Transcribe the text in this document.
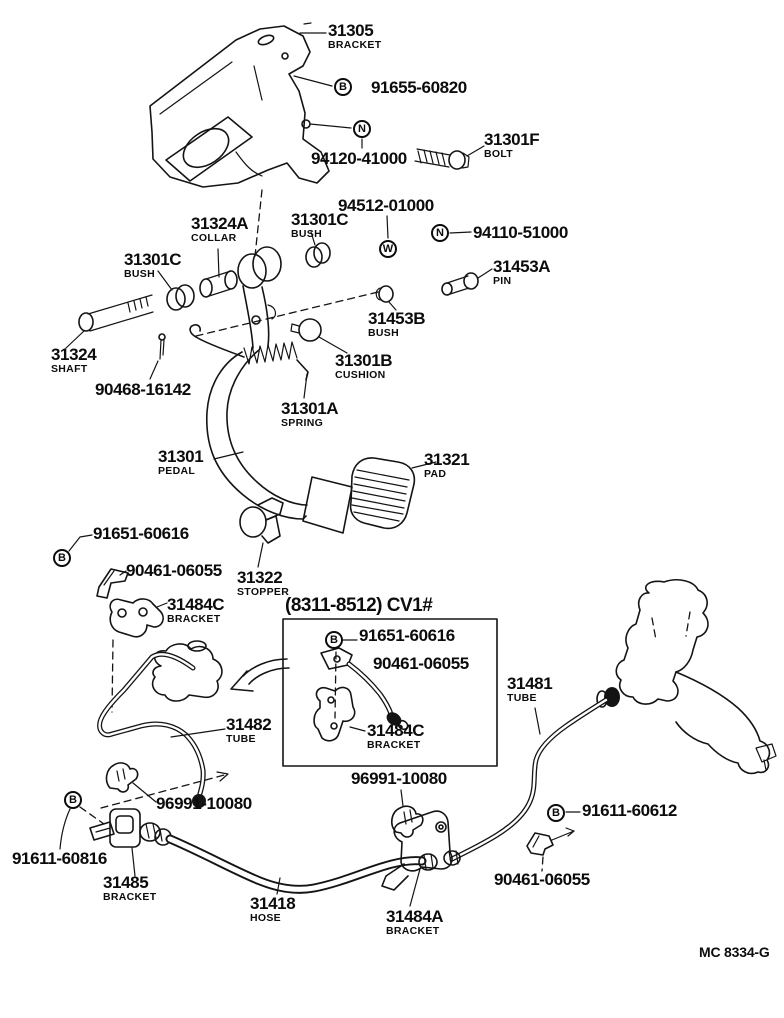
B
N
W
N
B
B
B
B
31305
BRACKET
91655-60820
94120-41000
31301F
BOLT
94512-01000
31301C
BUSH	94110-51000
31324A
COLLAR
31301C
BUSH	31453A
PIN
31453B
BUSH
31324
SHAFT
90468-16142
31301B
CUSHION
31301A
SPRING
31301
PEDAL
31321
PAD
91651-60616
90461-06055 31322
STOPPER
31484C
BRACKET
(8311-8512) CV1#
91651-60616
90461-06055
31484C
BRACKET
31481
TUBE
31482
TUBE
96991-10080
96991-10080
91611-60612
91611-60816
31485
BRACKET	31418
HOSE	31484A
BRACKET
90461-06055
MC 8334-G
